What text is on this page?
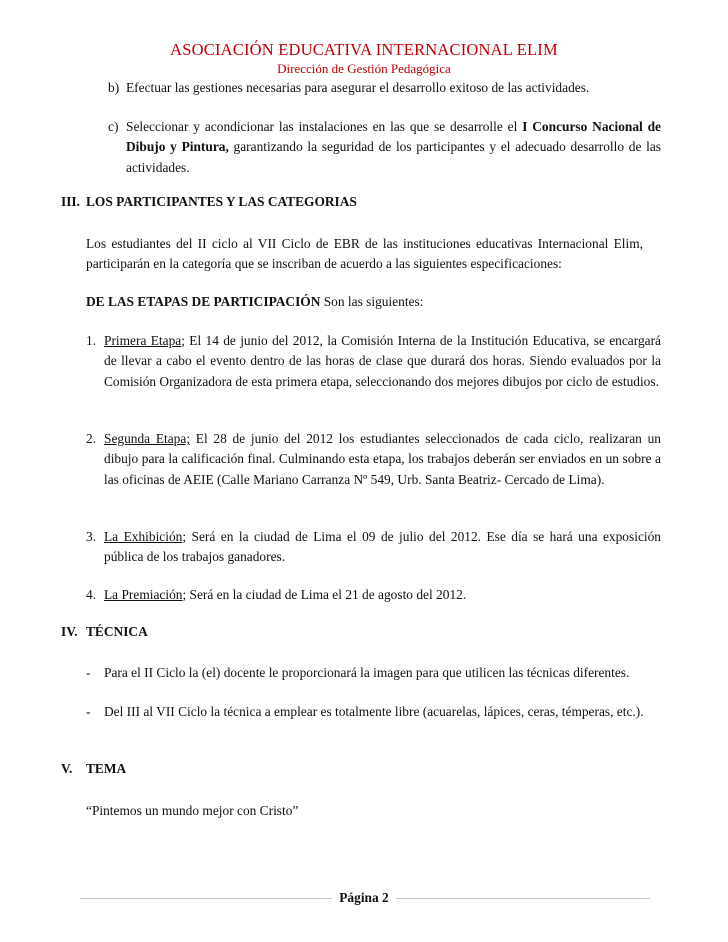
ASOCIACIÓN EDUCATIVA INTERNACIONAL ELIM
Dirección de Gestión Pedagógica
b) Efectuar las gestiones necesarias para asegurar el desarrollo exitoso de las actividades.
c) Seleccionar y acondicionar las instalaciones en las que se desarrolle el I Concurso Nacional de Dibujo y Pintura, garantizando la seguridad de los participantes y el adecuado desarrollo de las actividades.
III. LOS PARTICIPANTES Y LAS CATEGORIAS
Los estudiantes del II ciclo al VII Ciclo de EBR de las instituciones educativas Internacional Elim, participarán en la categoría que se inscriban de acuerdo a las siguientes especificaciones:
DE LAS ETAPAS DE PARTICIPACIÓN Son las siguientes:
1. Primera Etapa; El 14 de junio del 2012, la Comisión Interna de la Institución Educativa, se encargará de llevar a cabo el evento dentro de las horas de clase que durará dos horas. Siendo evaluados por la Comisión Organizadora de esta primera etapa, seleccionando dos mejores dibujos por ciclo de estudios.
2. Segunda Etapa; El 28 de junio del 2012 los estudiantes seleccionados de cada ciclo, realizaran un dibujo para la calificación final. Culminando esta etapa, los trabajos deberán ser enviados en un sobre a las oficinas de AEIE (Calle Mariano Carranza Nº 549, Urb. Santa Beatriz- Cercado de Lima).
3. La Exhibición; Será en la ciudad de Lima el 09 de julio del 2012. Ese día se hará una exposición pública de los trabajos ganadores.
4. La Premiación; Será en la ciudad de Lima el 21 de agosto del 2012.
IV. TÉCNICA
- Para el II Ciclo la (el) docente le proporcionará la imagen para que utilicen las técnicas diferentes.
- Del III al VII Ciclo la técnica a emplear es totalmente libre (acuarelas, lápices, ceras, témperas, etc.).
V. TEMA
“Pintemos un mundo mejor con Cristo”
Página 2
